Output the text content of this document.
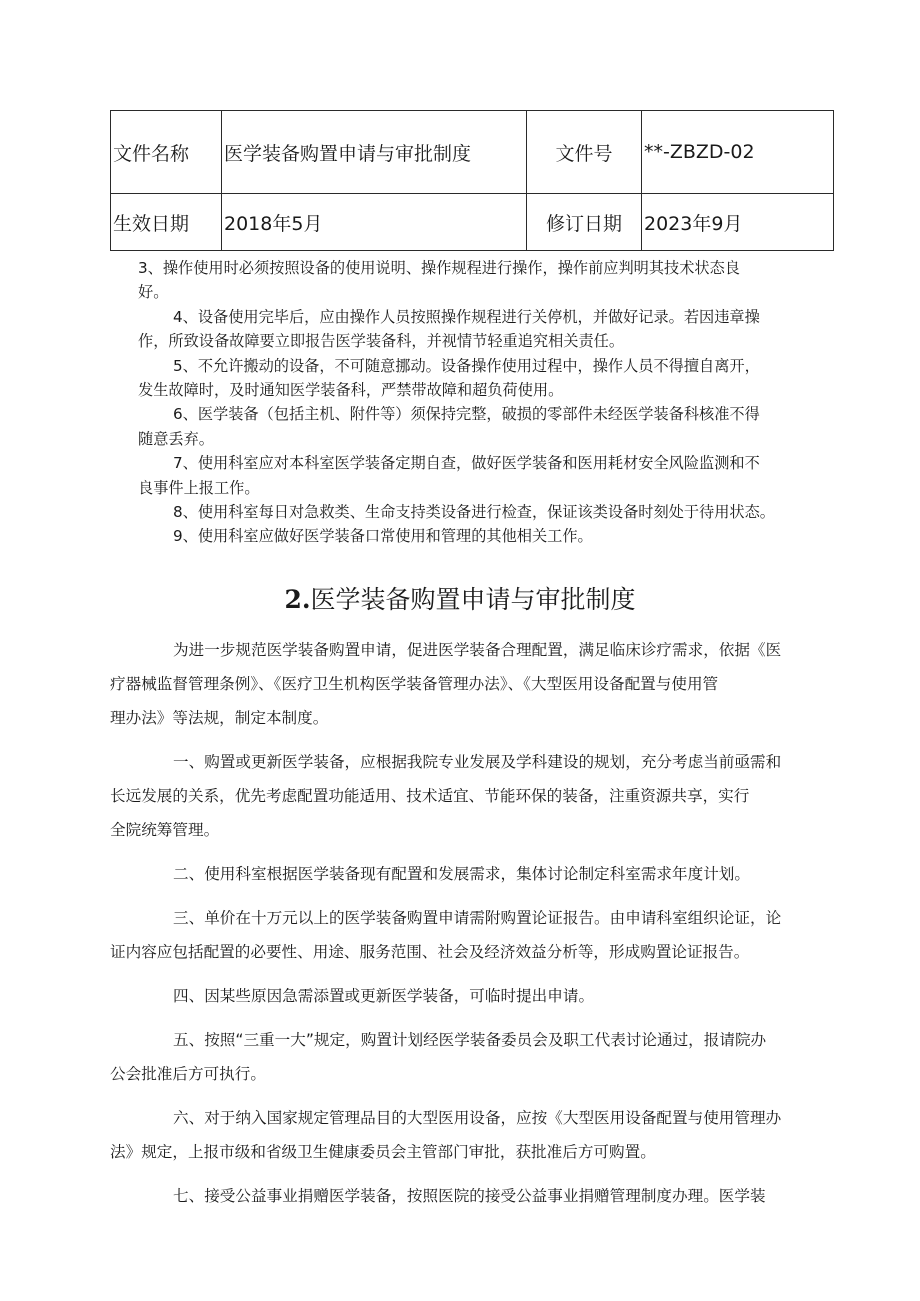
文件名称	医学装备购置申请与审批制度	文件号	**-ZBZD-02
生效日期	2018年5月	修订日期	2023年9月

3、操作使用时必须按照设备的使用说明、操作规程进行操作，操作前应判明其技术状态良

好。

4、设备使用完毕后，应由操作人员按照操作规程进行关停机，并做好记录。若因违章操

作，所致设备故障要立即报告医学装备科，并视情节轻重追究相关责任。

5、不允许搬动的设备，不可随意挪动。设备操作使用过程中，操作人员不得擅自离开，

发生故障时，及时通知医学装备科，严禁带故障和超负荷使用。

6、医学装备（包括主机、附件等）须保持完整，破损的零部件未经医学装备科核准不得

随意丢弃。

7、使用科室应对本科室医学装备定期自查，做好医学装备和医用耗材安全风险监测和不

良事件上报工作。

8、使用科室每日对急救类、生命支持类设备进行检查，保证该类设备时刻处于待用状态。

9、使用科室应做好医学装备口常使用和管理的其他相关工作。

2.医学装备购置申请与审批制度
为进一步规范医学装备购置申请，促进医学装备合理配置，满足临床诊疗需求，依据《医
疗器械监督管理条例》、《医疗卫生机构医学装备管理办法》、《大型医用设备配置与使用管
理办法》等法规，制定本制度。
一、购置或更新医学装备，应根据我院专业发展及学科建设的规划，充分考虑当前亟需和
长远发展的关系，优先考虑配置功能适用、技术适宜、节能环保的装备，注重资源共享，实行
全院统筹管理。
二、使用科室根据医学装备现有配置和发展需求，集体讨论制定科室需求年度计划。
三、单价在十万元以上的医学装备购置申请需附购置论证报告。由申请科室组织论证，论
证内容应包括配置的必要性、用途、服务范围、社会及经济效益分析等，形成购置论证报告。
四、因某些原因急需添置或更新医学装备，可临时提出申请。
五、按照“三重一大”规定，购置计划经医学装备委员会及职工代表讨论通过，报请院办
公会批准后方可执行。
六、对于纳入国家规定管理品目的大型医用设备，应按《大型医用设备配置与使用管理办
法》规定，上报市级和省级卫生健康委员会主管部门审批，获批准后方可购置。
七、接受公益事业捐赠医学装备，按照医院的接受公益事业捐赠管理制度办理。医学装
